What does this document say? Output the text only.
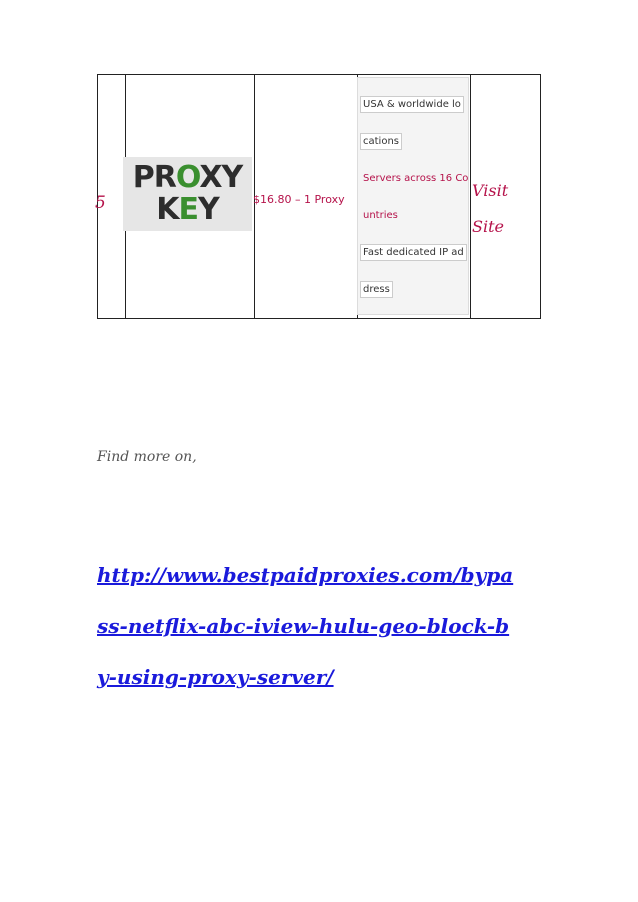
5
PROXY
KEY	$16.80 – 1 Proxy
USA & worldwide lo
cations
Servers across 16 Co
untries
Fast dedicated IP ad
dress
Visit
Site
Find more on,
http://www.bestpaidproxies.com/bypa
ss-netflix-abc-iview-hulu-geo-block-b
y-using-proxy-server/
